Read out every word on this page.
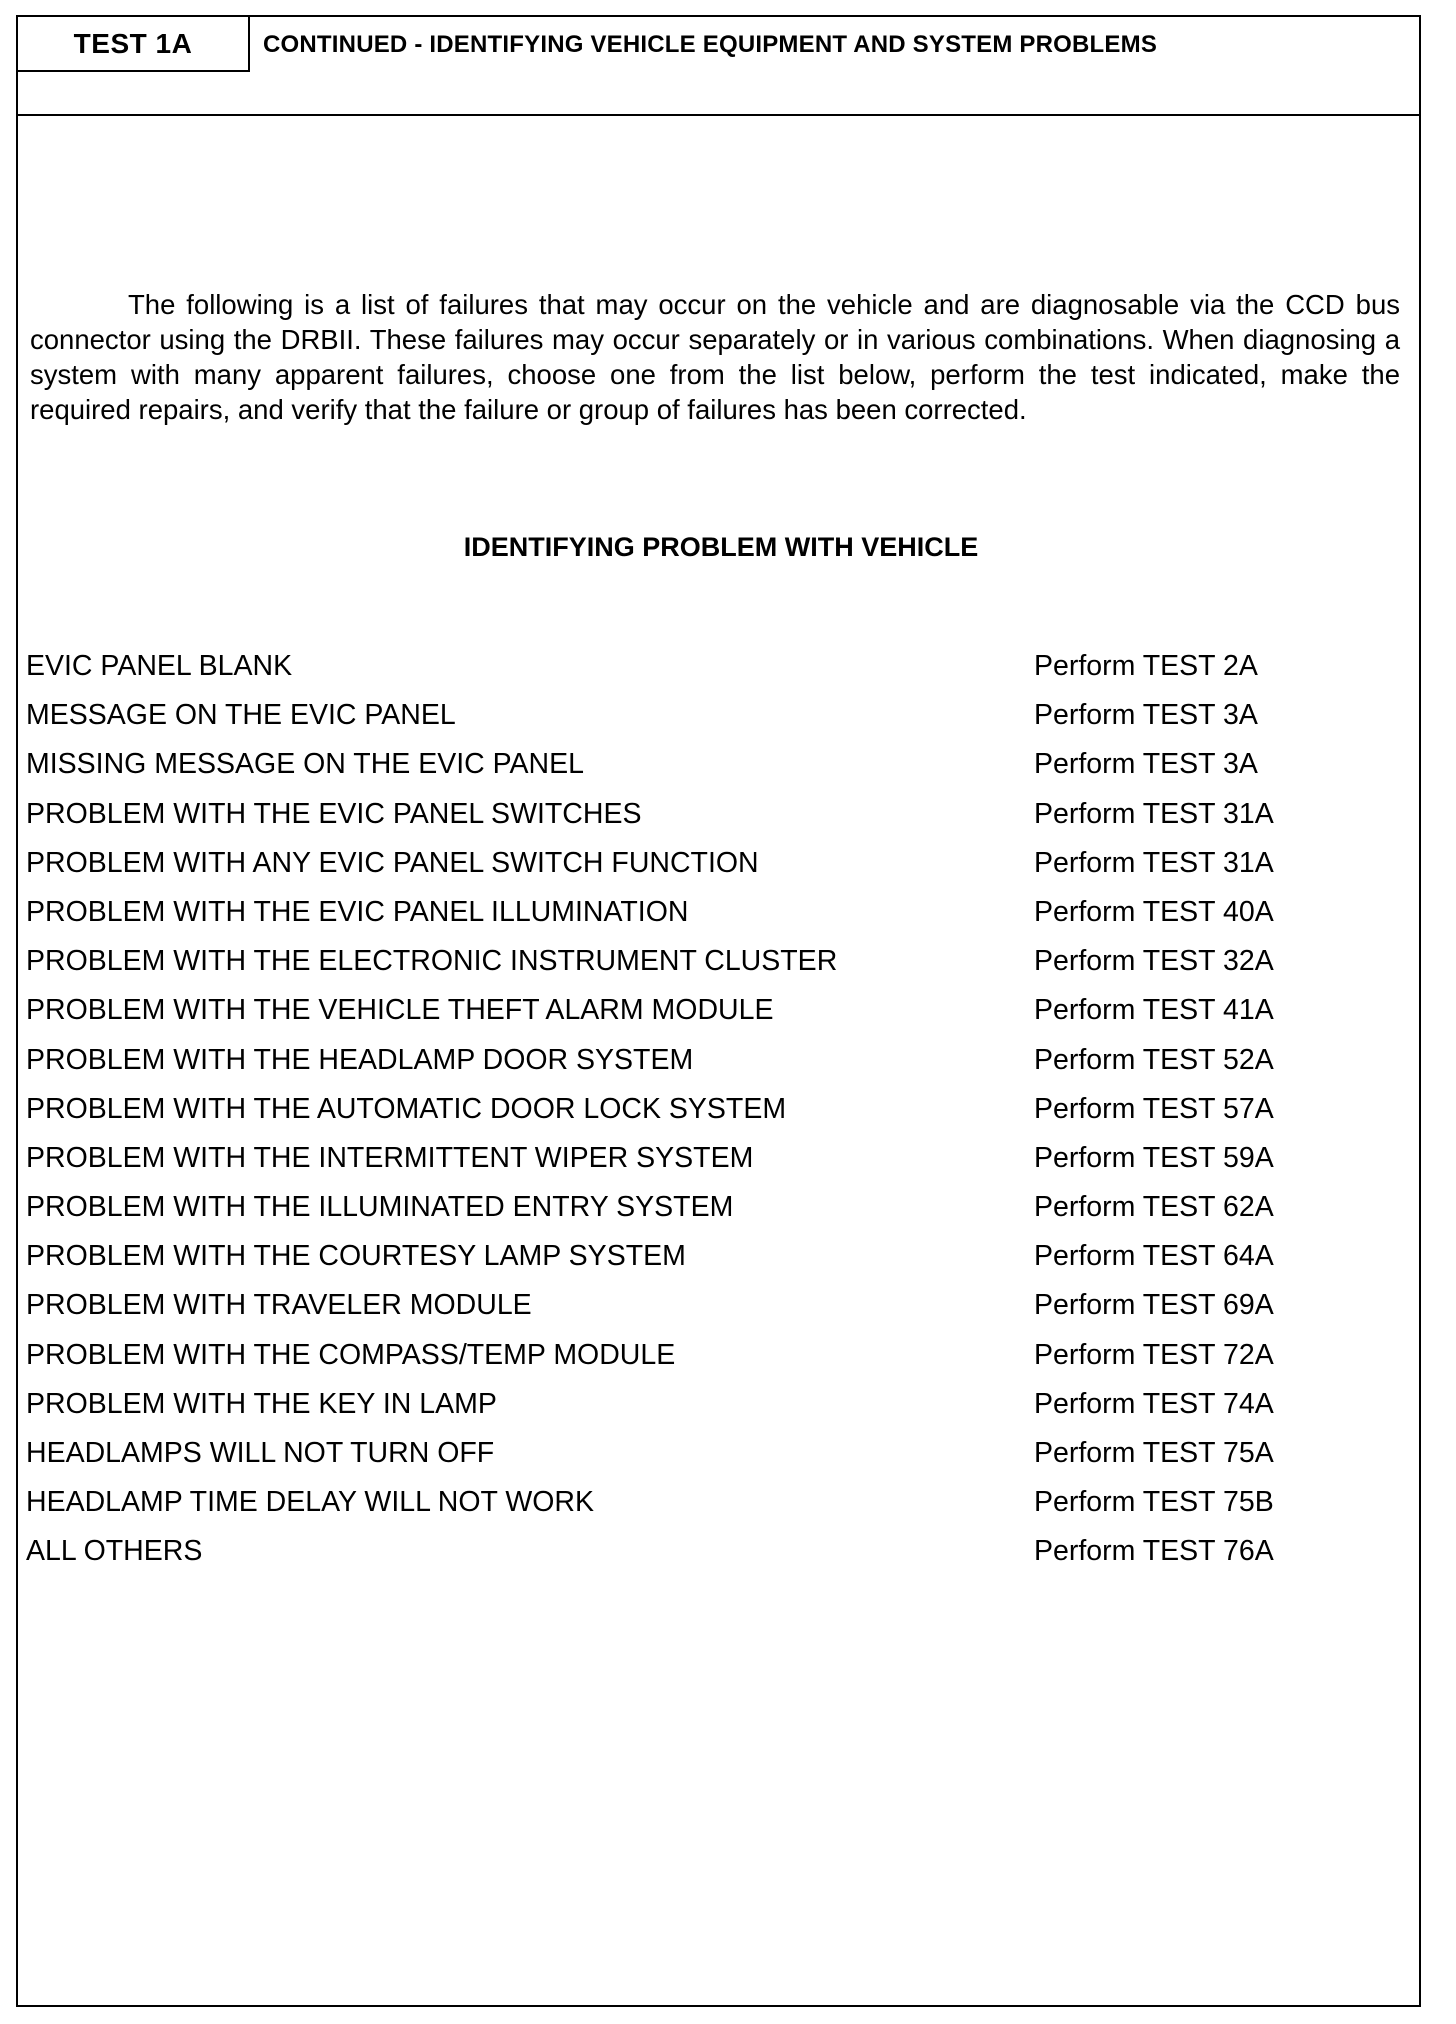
TEST 1A	CONTINUED - IDENTIFYING VEHICLE EQUIPMENT AND SYSTEM PROBLEMS

The following is a list of failures that may occur on the vehicle and are diagnosable via the CCD bus connector using the DRBII. These failures may occur separately or in various combinations. When diagnosing a system with many apparent failures, choose one from the list below, perform the test indicated, make the required repairs, and verify that the failure or group of failures has been corrected.

IDENTIFYING PROBLEM WITH VEHICLE
EVIC PANEL BLANK	Perform TEST 2A
MESSAGE ON THE EVIC PANEL	Perform TEST 3A
MISSING MESSAGE ON THE EVIC PANEL	Perform TEST 3A
PROBLEM WITH THE EVIC PANEL SWITCHES	Perform TEST 31A
PROBLEM WITH ANY EVIC PANEL SWITCH FUNCTION	Perform TEST 31A
PROBLEM WITH THE EVIC PANEL ILLUMINATION	Perform TEST 40A
PROBLEM WITH THE ELECTRONIC INSTRUMENT CLUSTER	Perform TEST 32A
PROBLEM WITH THE VEHICLE THEFT ALARM MODULE	Perform TEST 41A
PROBLEM WITH THE HEADLAMP DOOR SYSTEM	Perform TEST 52A
PROBLEM WITH THE AUTOMATIC DOOR LOCK SYSTEM	Perform TEST 57A
PROBLEM WITH THE INTERMITTENT WIPER SYSTEM	Perform TEST 59A
PROBLEM WITH THE ILLUMINATED ENTRY SYSTEM	Perform TEST 62A
PROBLEM WITH THE COURTESY LAMP SYSTEM	Perform TEST 64A
PROBLEM WITH TRAVELER MODULE	Perform TEST 69A
PROBLEM WITH THE COMPASS/TEMP MODULE	Perform TEST 72A
PROBLEM WITH THE KEY IN LAMP	Perform TEST 74A
HEADLAMPS WILL NOT TURN OFF	Perform TEST 75A
HEADLAMP TIME DELAY WILL NOT WORK	Perform TEST 75B
ALL OTHERS	Perform TEST 76A
